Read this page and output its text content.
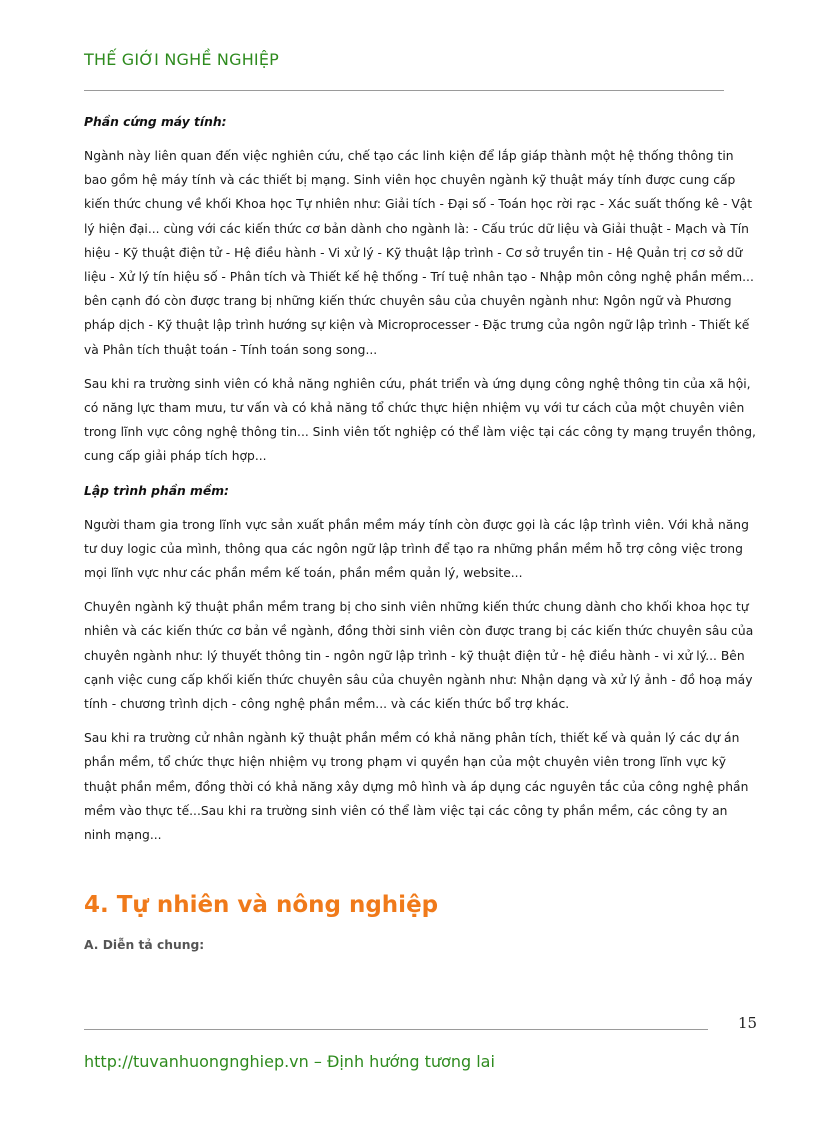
THẾ GIỚI NGHỀ NGHIỆP
Phần cứng máy tính:

Ngành này liên quan đến việc nghiên cứu, chế tạo các linh kiện để lắp giáp thành một hệ thống thông tin bao gồm hệ máy tính và các thiết bị mạng. Sinh viên học chuyên ngành kỹ thuật máy tính được cung cấp kiến thức chung về khối Khoa học Tự nhiên như: Giải tích - Đại số - Toán học rời rạc - Xác suất thống kê - Vật lý hiện đại... cùng với các kiến thức cơ bản dành cho ngành là: - Cấu trúc dữ liệu và Giải thuật - Mạch và Tín hiệu - Kỹ thuật điện tử - Hệ điều hành - Vi xử lý - Kỹ thuật lập trình - Cơ sở truyền tin - Hệ Quản trị cơ sở dữ liệu - Xử lý tín hiệu số - Phân tích và Thiết kế hệ thống - Trí tuệ nhân tạo - Nhập môn công nghệ phần mềm... bên cạnh đó còn được trang bị những kiến thức chuyên sâu của chuyên ngành như: Ngôn ngữ và Phương pháp dịch - Kỹ thuật lập trình hướng sự kiện và Microprocesser - Đặc trưng của ngôn ngữ lập trình - Thiết kế và Phân tích thuật toán - Tính toán song song...

Sau khi ra trường sinh viên có khả năng nghiên cứu, phát triển và ứng dụng công nghệ thông tin của xã hội, có năng lực tham mưu, tư vấn và có khả năng tổ chức thực hiện nhiệm vụ với tư cách của một chuyên viên trong lĩnh vực công nghệ thông tin... Sinh viên tốt nghiệp có thể làm việc tại các công ty mạng truyền thông, cung cấp giải pháp tích hợp...

Lập trình phần mềm:

Người tham gia trong lĩnh vực sản xuất phần mềm máy tính còn được gọi là các lập trình viên. Với khả năng tư duy logic của mình, thông qua các ngôn ngữ lập trình để tạo ra những phần mềm hỗ trợ công việc trong mọi lĩnh vực như các phần mềm kế toán, phần mềm quản lý, website...

Chuyên ngành kỹ thuật phần mềm trang bị cho sinh viên những kiến thức chung dành cho khối khoa học tự nhiên và các kiến thức cơ bản về ngành, đồng thời sinh viên còn được trang bị các kiến thức chuyên sâu của chuyên ngành như: lý thuyết thông tin - ngôn ngữ lập trình - kỹ thuật điện tử - hệ điều hành - vi xử lý... Bên cạnh việc cung cấp khối kiến thức chuyên sâu của chuyên ngành như: Nhận dạng và xử lý ảnh - đồ hoạ máy tính - chương trình dịch - công nghệ phần mềm... và các kiến thức bổ trợ khác.

Sau khi ra trường cử nhân ngành kỹ thuật phần mềm có khả năng phân tích, thiết kế và quản lý các dự án phần mềm, tổ chức thực hiện nhiệm vụ trong phạm vi quyền hạn của một chuyên viên trong lĩnh vực kỹ thuật phần mềm, đồng thời có khả năng xây dựng mô hình và áp dụng các nguyên tắc của công nghệ phần mềm vào thực tế...Sau khi ra trường sinh viên có thể làm việc tại các công ty phần mềm, các công ty an ninh mạng...

4. Tự nhiên và nông nghiệp
A. Diễn tả chung:
15
http://tuvanhuongnghiep.vn – Định hướng tương lai
